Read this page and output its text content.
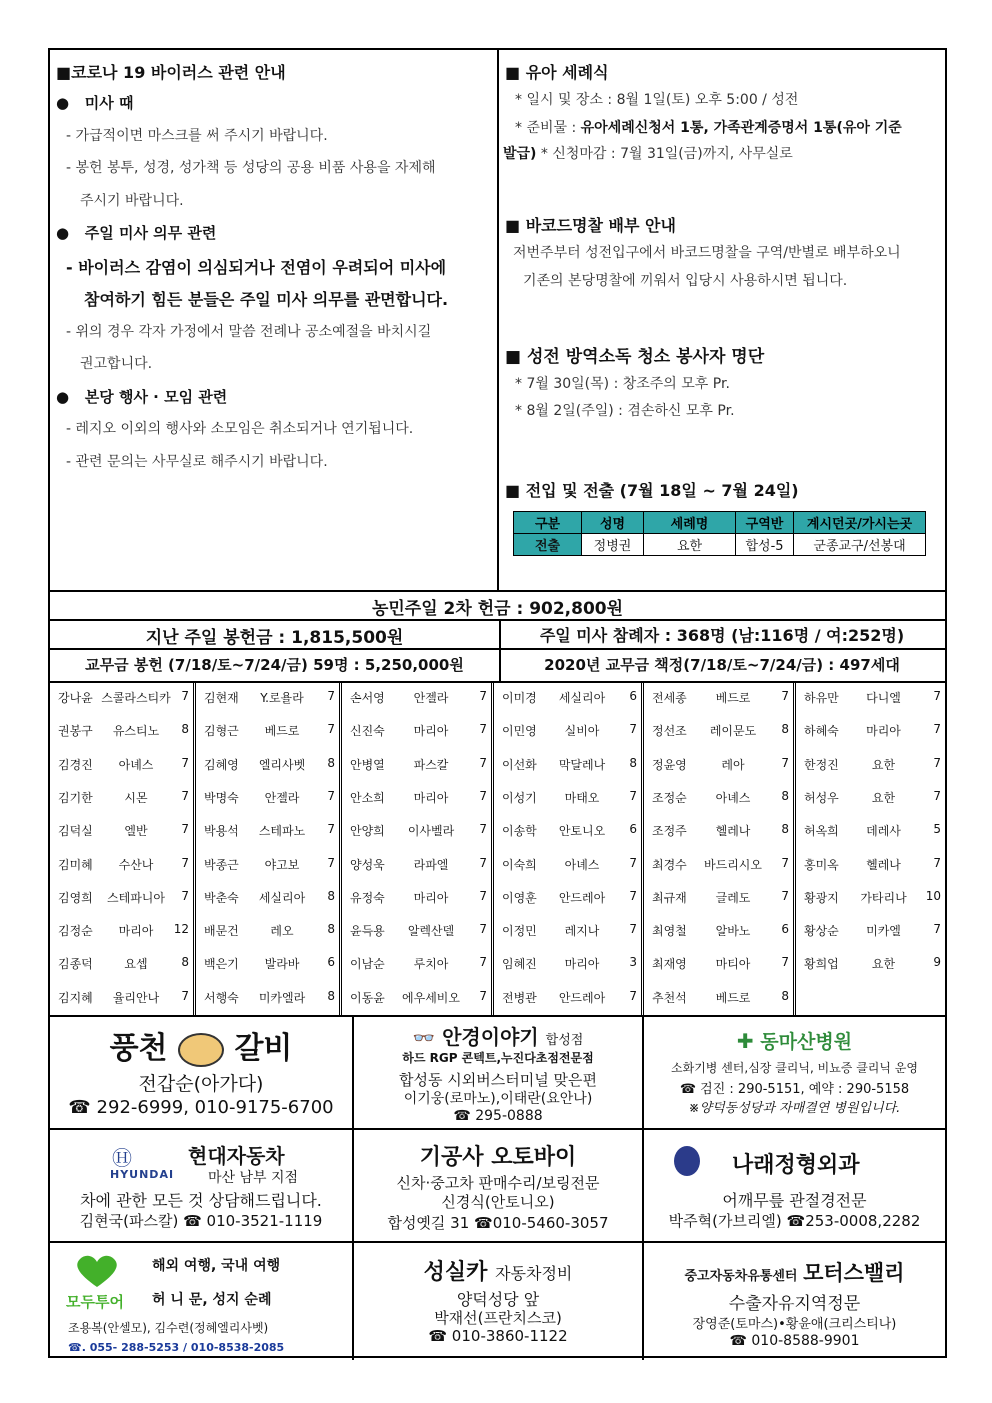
■코로나 19 바이러스 관련 안내
●   미사 때
- 가급적이면 마스크를 써 주시기 바랍니다.
- 봉헌 봉투, 성경, 성가책 등 성당의 공용 비품 사용을 자제해
주시기 바랍니다.
●   주일 미사 의무 관련
- 바이러스 감염이 의심되거나 전염이 우려되어 미사에
참여하기 힘든 분들은 주일 미사 의무를 관면합니다.
- 위의 경우 각자 가정에서 말씀 전례나 공소예절을 바치시길
권고합니다.
●   본당 행사 · 모임 관련
- 레지오 이외의 행사와 소모임은 취소되거나 연기됩니다.
- 관련 문의는 사무실로 해주시기 바랍니다.
■ 유아 세례식
* 일시 및 장소 : 8월 1일(토) 오후 5:00 / 성전
* 준비물 : 유아세례신청서 1통, 가족관계증명서 1통(유아 기준
발급) * 신청마감 : 7월 31일(금)까지, 사무실로
■ 바코드명찰 배부 안내
저번주부터 성전입구에서 바코드명찰을 구역/반별로 배부하오니
기존의 본당명찰에 끼워서 입당시 사용하시면 됩니다.
■ 성전 방역소독 청소 봉사자 명단
* 7월 30일(목) : 창조주의 모후 Pr.
* 8월 2일(주일) : 겸손하신 모후 Pr.
■ 전입 및 전출 (7월 18일 ~ 7월 24일)
구분	성명	세례명	구역반	계시던곳/가시는곳
전출	정병권	요한	합성-5	군종교구/선봉대
농민주일 2차 헌금 : 902,800원
지난 주일 봉헌금 : 1,815,500원	주일 미사 참례자 : 368명 (남:116명 / 여:252명)
교무금 봉헌 (7/18/토~7/24/금) 59명 : 5,250,000원	2020년 교무금 책정(7/18/토~7/24/금) : 497세대
강나윤 스콜라스티카 7
권봉구	유스티노	8
김경진	아녜스	7
김기한	시몬	7
김덕실	엘반	7
김미혜	수산나	7
김영희	스테파니아	7
김정순	마리아	12
김종덕	요셉	8
김지혜	율리안나	7
김현재	Y.로욜라	7
김형근	베드로	7
김혜영	엘리사벳	8
박명숙	안젤라	7
박용석	스테파노	7
박종근	야고보	7
박춘숙	세실리아	8
배문건	레오	8
백은기	발라바	6
서행숙	미카엘라	8
손서영	안젤라	7
신진숙	마리아	7
안병열	파스칼	7
안소희	마리아	7
안양희	이사벨라	7
양성욱	라파엘	7
유정숙	마리아	7
윤득용	알렉산델	7
이남순	루치아	7
이동윤	에우세비오	7
이미경	세실리아	6
이민영	실비아	7
이선화	막달레나	8
이성기	마태오	7
이송학	안토니오	6
이숙희	아녜스	7
이영훈	안드레아	7
이정민	레지나	7
임혜진	마리아	3
전병관	안드레아	7
전세종	베드로	7
정선조	레이문도	8
정윤영	레아	7
조정순	아녜스	8
조정주	헬레나	8
최경수	바드리시오	7
최규재	글레도	7
최영철	알바노	6
최재영	마티아	7
추천석	베드로	8
하유만	다니엘	7
하혜숙	마리아	7
한정진	요한	7
허성우	요한	7
허옥희	데레사	5
홍미옥	헬레나	7
황광지	가타리나	10
황상순	미카엘	7
황희업	요한	9
풍천 갈비
전갑순(아가다)
☎ 292-6999, 010-9175-6700
👓 안경이야기 합성점
하드 RGP 콘텍트,누진다초점전문점
합성동 시외버스터미널 맞은편
이기웅(로마노),이태란(요안나)
☎ 295-0888
✚ 동마산병원
소화기병 센터,심장 클리닉, 비뇨증 클리닉 운영
☎ 검진 : 290-5151, 예약 : 290-5158
※양덕동성당과 자매결연 병원입니다.
Ⓗ	현대자동차
HYUNDAI 마산 남부 지점
차에 관한 모든 것 상담해드립니다.
김현국(파스칼) ☎ 010-3521-1119
기공사 오토바이
신차·중고차 판매수리/보링전문
신경식(안토니오)
합성옛길 31 ☎010-5460-3057
나래정형외과
어깨무릎 관절경전문
박주혁(가브리엘) ☎253-0008,2282
모두투어
해외 여행, 국내 여행
허 니 문, 성지 순례
조용복(안셀모), 김수련(정혜엘리사벳)
☎. 055- 288-5253 / 010-8538-2085
성실카 자동차정비
양덕성당 앞
박재선(프란치스코)
☎ 010-3860-1122
중고자동차유통센터 모터스밸리
수출자유지역정문
장영준(토마스)•황윤애(크리스티나)
☎ 010-8588-9901
